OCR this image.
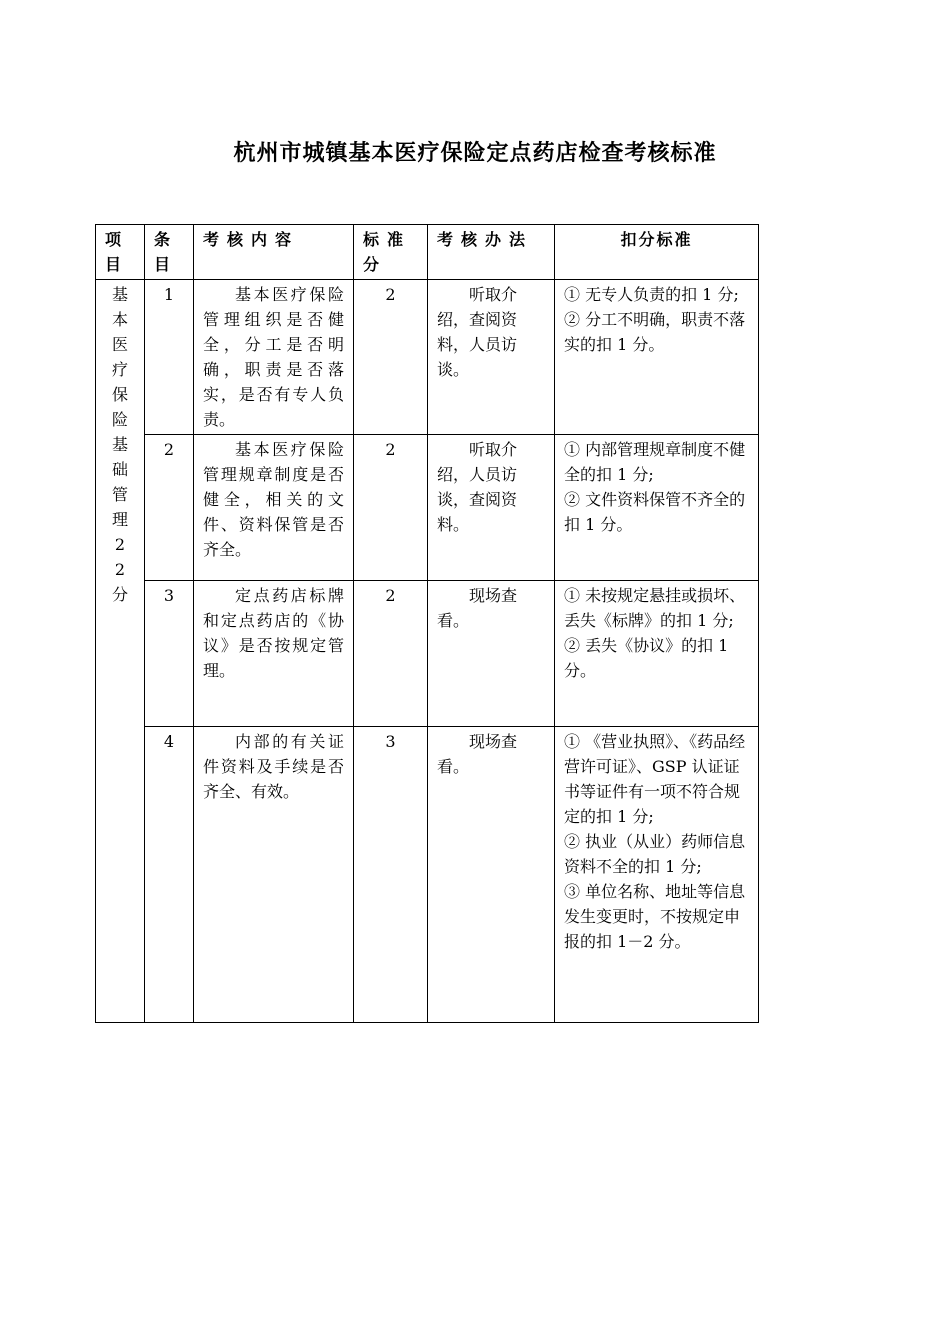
杭州市城镇基本医疗保险定点药店检查考核标准
项目	条目	考核内容	标准分	考核办法	扣分标准

基本医疗保险基础管理22分	1	基本医疗保险管理组织是否健全，分工是否明确，职责是否落实，是否有专人负责。	2	听取介绍，查阅资料，人员访谈。	① 无专人负责的扣 1 分;
② 分工不明确，职责不落实的扣 1 分。

	2	基本医疗保险管理规章制度是否健全，相关的文件、资料保管是否齐全。	2	听取介绍，人员访谈，查阅资料。	① 内部管理规章制度不健全的扣 1 分;
② 文件资料保管不齐全的扣 1 分。

	3	定点药店标牌和定点药店的《协议》是否按规定管理。	2	现场查看。	① 未按规定悬挂或损坏、丢失《标牌》的扣 1 分;
② 丢失《协议》的扣 1 分。

	4	内部的有关证件资料及手续是否齐全、有效。	3	现场查看。	① 《营业执照》、《药品经营许可证》、GSP 认证证书等证件有一项不符合规定的扣 1 分;
② 执业（从业）药师信息资料不全的扣 1 分;
③ 单位名称、地址等信息发生变更时，不按规定申报的扣 1－2 分。
